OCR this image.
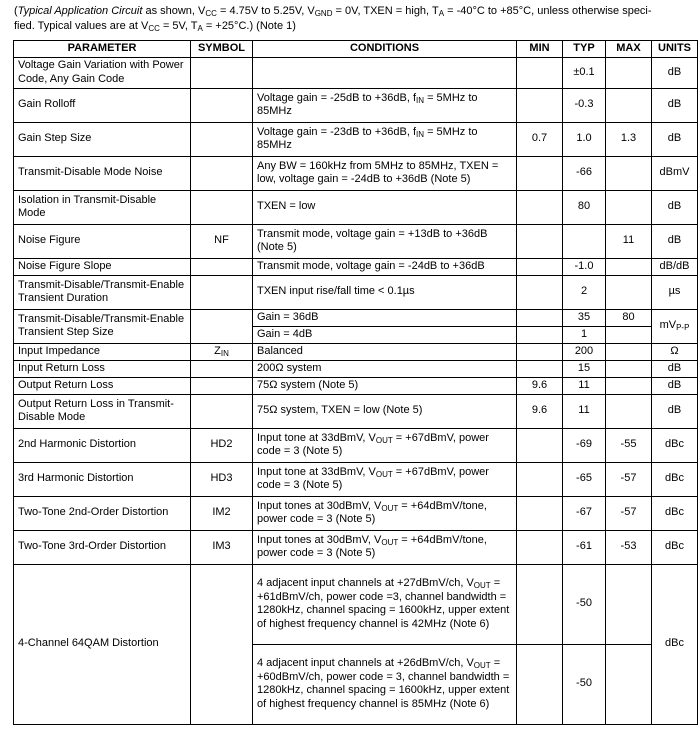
(Typical Application Circuit as shown, $V_{CC} = 4.75V$ to 5.25V, $V_{GND} = 0V$, TXEN = high, $T_A = -40^\circ C$ to +85°C, unless otherwise speci-
fied. Typical values are at $V_{CC} = 5V$, $T_A = +25^\circ C$.) (Note 1)
PARAMETER	SYMBOL	CONDITIONS	MIN	TYP	MAX	UNITS
Voltage Gain Variation with Power Code, Any Gain Code				±0.1		dB
Gain Rolloff		Voltage gain = -25dB to +36dB, $f_{IN} = 5MHz$ to 85MHz		-0.3		dB
Gain Step Size		Voltage gain = -23dB to +36dB, $f_{IN} = 5MHz$ to 85MHz	0.7	1.0	1.3	dB
Transmit-Disable Mode Noise		Any BW = 160kHz from 5MHz to 85MHz, TXEN = low, voltage gain = -24dB to +36dB (Note 5)		-66		dBmV
Isolation in Transmit-Disable Mode		TXEN = low		80		dB
Noise Figure	NF	Transmit mode, voltage gain = +13dB to +36dB (Note 5)			11	dB
Noise Figure Slope		Transmit mode, voltage gain = -24dB to +36dB		-1.0		dB/dB
Transmit-Disable/Transmit-Enable Transient Duration		TXEN input rise/fall time < 0.1µs		2		µs
Transmit-Disable/Transmit-Enable Transient Step Size		Gain = 36dB		35	80	$mV_{P-P}$
		Gain = 4dB		1		
Input Impedance	$Z_{IN}$	Balanced		200		Ω
Input Return Loss		200Ω system		15		dB
Output Return Loss		75Ω system (Note 5)	9.6	11		dB
Output Return Loss in Transmit-Disable Mode		75Ω system, TXEN = low (Note 5)	9.6	11		dB
2nd Harmonic Distortion	HD2	Input tone at 33dBmV, $V_{OUT}$ = +67dBmV, power code = 3 (Note 5)		-69	-55	dBc
3rd Harmonic Distortion	HD3	Input tone at 33dBmV, $V_{OUT}$ = +67dBmV, power code = 3 (Note 5)		-65	-57	dBc
Two-Tone 2nd-Order Distortion	IM2	Input tones at 30dBmV, $V_{OUT}$ = +64dBmV/tone, power code = 3 (Note 5)		-67	-57	dBc
Two-Tone 3rd-Order Distortion	IM3	Input tones at 30dBmV, $V_{OUT}$ = +64dBmV/tone, power code = 3 (Note 5)		-61	-53	dBc
4-Channel 64QAM Distortion		4 adjacent input channels at +27dBmV/ch, $V_{OUT}$ = +61dBmV/ch, power code =3, channel bandwidth = 1280kHz, channel spacing = 1600kHz, upper extent of highest frequency channel is 42MHz (Note 6)		-50		dBc
		4 adjacent input channels at +26dBmV/ch, $V_{OUT}$ = +60dBmV/ch, power code = 3, channel bandwidth = 1280kHz, channel spacing = 1600kHz, upper extent of highest frequency channel is 85MHz (Note 6)		-50		
